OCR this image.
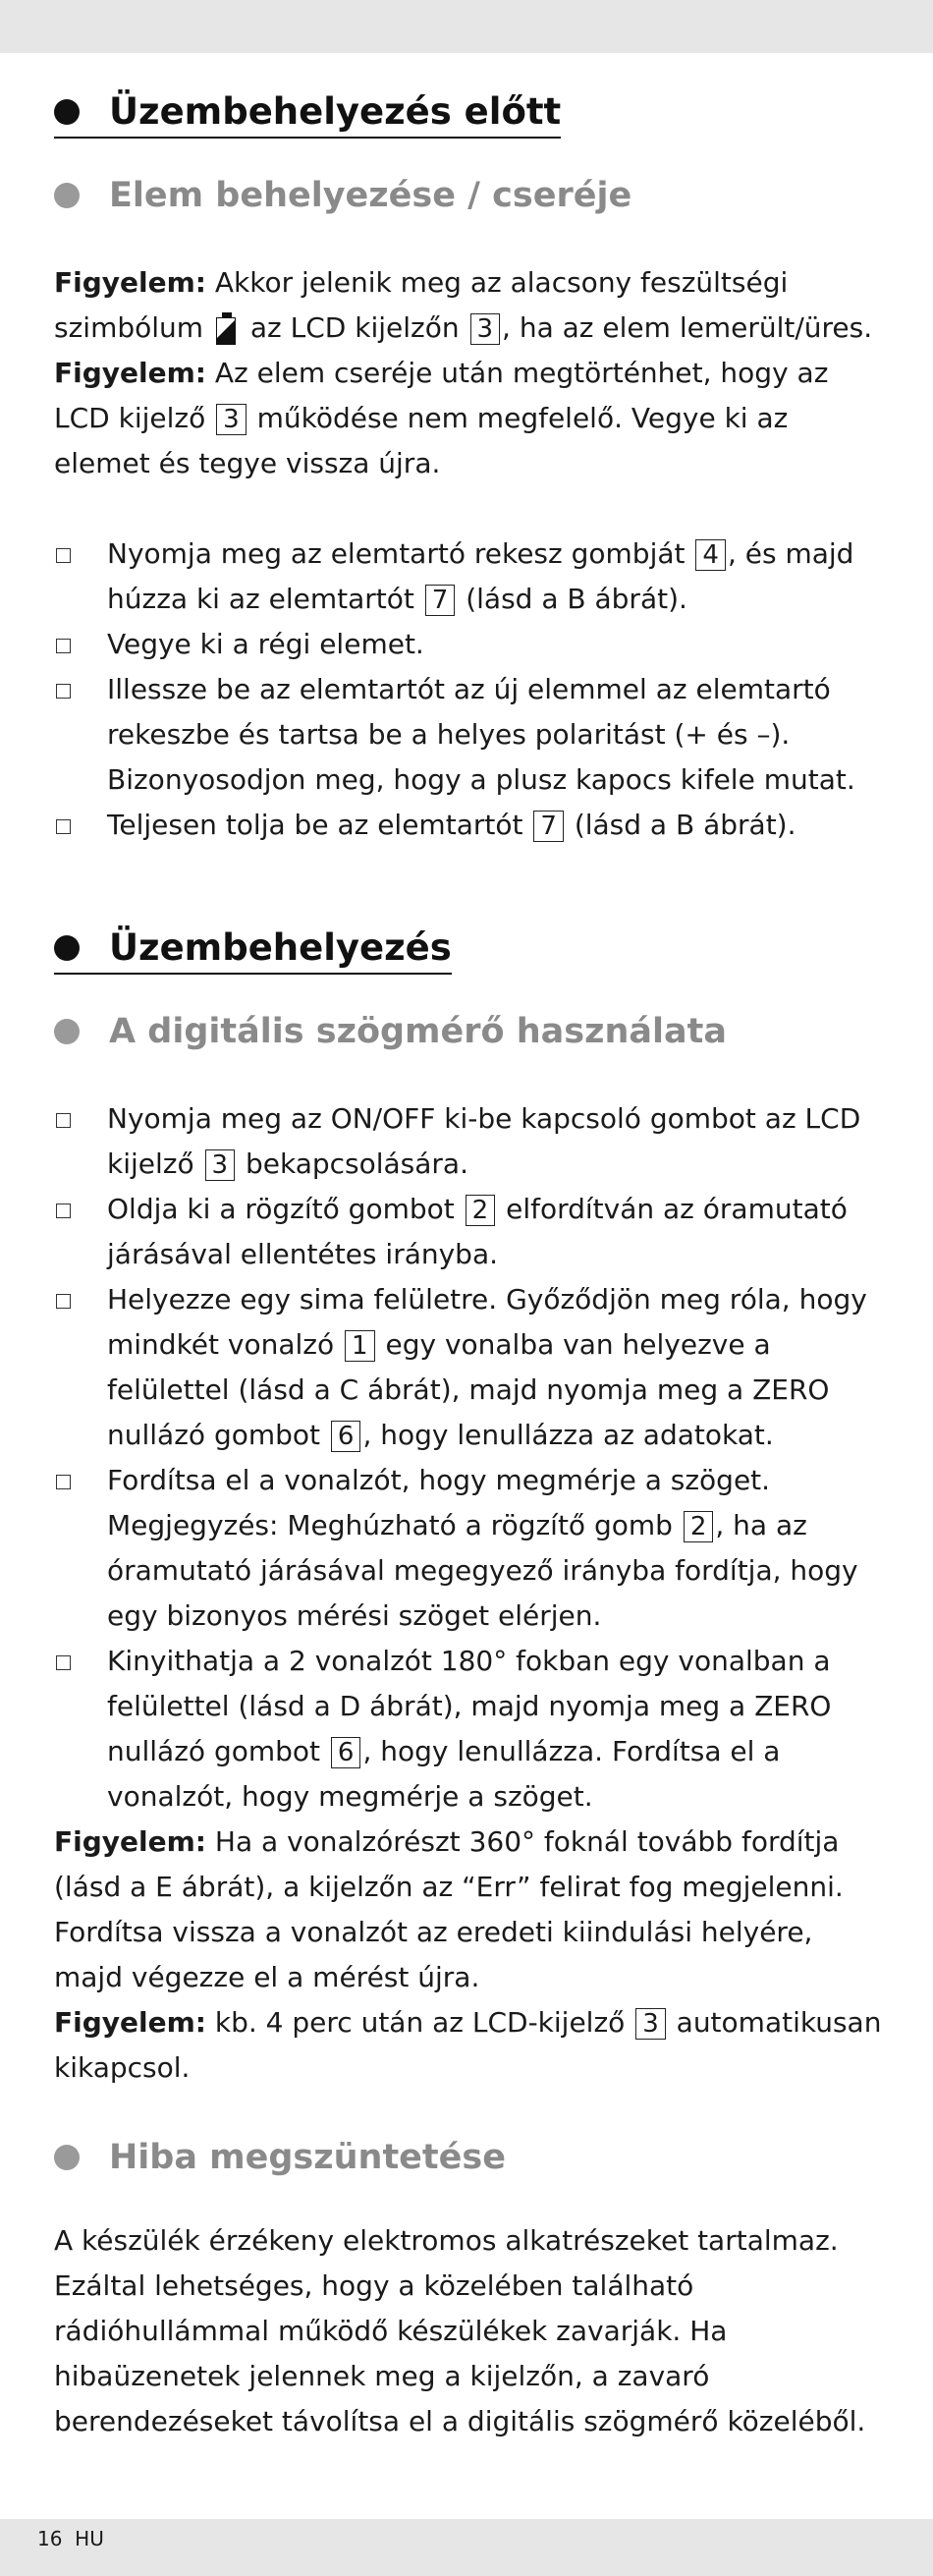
Üzembehelyezés előtt
Elem behelyezése / cseréje

Figyelem: Akkor jelenik meg az alacsony feszültségi szimbólum az LCD kijelzőn 3 , ha az elem lemerült/üres.

Figyelem: Az elem cseréje után megtörténhet, hogy az LCD kijelző 3 működése nem megfelelő. Vegye ki az elemet és tegye vissza újra.

Nyomja meg az elemtartó rekesz gombját 4 , és majd húzza ki az elemtartót 7 (lásd a B ábrát).
Vegye ki a régi elemet.
Illessze be az elemtartót az új elemmel az elemtartó rekeszbe és tartsa be a helyes polaritást (+ és –). Bizonyosodjon meg, hogy a plusz kapocs kifele mutat.
Teljesen tolja be az elemtartót 7 (lásd a B ábrát).
Üzembehelyezés
A digitális szögmérő használata
Nyomja meg az ON/OFF ki-be kapcsoló gombot az LCD kijelző 3 bekapcsolására.
Oldja ki a rögzítő gombot 2 elfordítván az óramutató járásával ellentétes irányba.
Helyezze egy sima felületre. Győződjön meg róla, hogy mindkét vonalzó 1 egy vonalba van helyezve a felülettel (lásd a C ábrát), majd nyomja meg a ZERO nullázó gombot 6 , hogy lenullázza az adatokat.
Fordítsa el a vonalzót, hogy megmérje a szöget. Megjegyzés: Meghúzható a rögzítő gomb 2 , ha az óramutató járásával megegyező irányba fordítja, hogy egy bizonyos mérési szöget elérjen.
Kinyithatja a 2 vonalzót 180° fokban egy vonalban a felülettel (lásd a D ábrát), majd nyomja meg a ZERO nullázó gombot 6 , hogy lenullázza. Fordítsa el a vonalzót, hogy megmérje a szöget.

Figyelem: Ha a vonalzórészt 360° foknál tovább fordítja (lásd a E ábrát), a kijelzőn az “Err” felirat fog megjelenni. Fordítsa vissza a vonalzót az eredeti kiindulási helyére, majd végezze el a mérést újra.

Figyelem: kb. 4 perc után az LCD-kijelző 3 automatikusan kikapcsol.

Hiba megszüntetése

A készülék érzékeny elektromos alkatrészeket tartalmaz. Ezáltal lehetséges, hogy a közelében található rádióhullámmal működő készülékek zavarják. Ha hibaüzenetek jelennek meg a kijelzőn, a zavaró berendezéseket távolítsa el a digitális szögmérő közeléből.

16 HU
